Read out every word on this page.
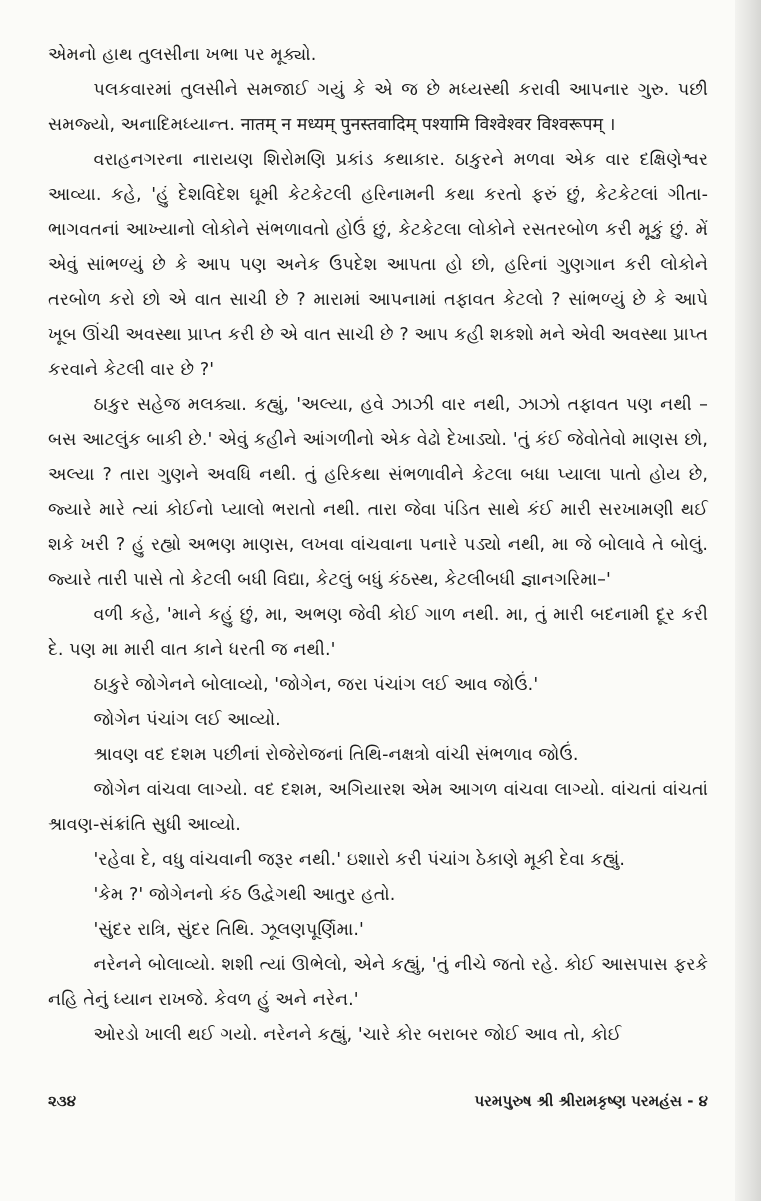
એમનો હાથ તુલસીના ખભા પર મૂક્યો.

પલકવારમાં તુલસીને સમજાઈ ગયું કે એ જ છે મધ્યસ્થી કરાવી આપનાર ગુરુ. પછી સમજ્યો, અનાદિમધ્યાન્ત. नातम् न मध्यम् पुनस्तवादिम् पश्यामि विश्वेश्वर विश्वरूपम् ।

વરાહનગરના નારાયણ શિરોમણિ પ્રકાંડ કથાકાર. ઠાકુરને મળવા એક વાર દક્ષિણેશ્વર આવ્યા. કહે, 'હું દેશવિદેશ ઘૂમી કેટકેટલી હરિનામની કથા કરતો ફરું છું, કેટકેટલાં ગીતા-ભાગવતનાં આખ્યાનો લોકોને સંભળાવતો હોઉં છું, કેટકેટલા લોકોને રસતરબોળ કરી મૂકું છું. મેં એવું સાંભળ્યું છે કે આપ પણ અનેક ઉપદેશ આપતા હો છો, હરિનાં ગુણગાન કરી લોકોને તરબોળ કરો છો એ વાત સાચી છે ? મારામાં આપનામાં તફાવત કેટલો ? સાંભળ્યું છે કે આપે ખૂબ ઊંચી અવસ્થા પ્રાપ્ત કરી છે એ વાત સાચી છે ? આપ કહી શકશો મને એવી અવસ્થા પ્રાપ્ત કરવાને કેટલી વાર છે ?'

ઠાકુર સહેજ મલક્યા. કહ્યું, 'અલ્યા, હવે ઝાઝી વાર નથી, ઝાઝો તફાવત પણ નથી – બસ આટલુંક બાકી છે.' એવું કહીને આંગળીનો એક વેઢો દેખાડ્યો. 'તું કંઈ જેવોતેવો માણસ છો, અલ્યા ? તારા ગુણને અવધિ નથી. તું હરિકથા સંભળાવીને કેટલા બધા પ્યાલા પાતો હોય છે, જ્યારે મારે ત્યાં કોઈનો પ્યાલો ભરાતો નથી. તારા જેવા પંડિત સાથે કંઈ મારી સરખામણી થઈ શકે ખરી ? હું રહ્યો અભણ માણસ, લખવા વાંચવાના પનારે પડ્યો નથી, મા જે બોલાવે તે બોલું. જ્યારે તારી પાસે તો કેટલી બધી વિદ્યા, કેટલું બધું કંઠસ્થ, કેટલીબધી જ્ઞાનગરિમા–'

વળી કહે, 'માને કહું છું, મા, અભણ જેવી કોઈ ગાળ નથી. મા, તું મારી બદનામી દૂર કરી દે. પણ મા મારી વાત કાને ધરતી જ નથી.'

ઠાકુરે જોગેનને બોલાવ્યો, 'જોગેન, જરા પંચાંગ લઈ આવ જોઉં.'

જોગેન પંચાંગ લઈ આવ્યો.

શ્રાવણ વદ દશમ પછીનાં રોજેરોજનાં તિથિ-નક્ષત્રો વાંચી સંભળાવ જોઉં.

જોગેન વાંચવા લાગ્યો. વદ દશમ, અગિયારશ એમ આગળ વાંચવા લાગ્યો. વાંચતાં વાંચતાં શ્રાવણ-સંક્રાંતિ સુધી આવ્યો.

'રહેવા દે, વધુ વાંચવાની જરૂર નથી.' ઇશારો કરી પંચાંગ ઠેકાણે મૂકી દેવા કહ્યું.

'કેમ ?' જોગેનનો કંઠ ઉદ્વેગથી આતુર હતો.

'સુંદર રાત્રિ, સુંદર તિથિ. ઝૂલણપૂર્ણિમા.'

નરેનને બોલાવ્યો. શશી ત્યાં ઊભેલો, એને કહ્યું, 'તું નીચે જતો રહે. કોઈ આસપાસ ફરકે નહિ તેનું ધ્યાન રાખજે. કેવળ હું અને નરેન.'

ઓરડો ખાલી થઈ ગયો. નરેનને કહ્યું, 'ચારે કોર બરાબર જોઈ આવ તો, કોઈ

૨૩૪	પરમપુરુષ શ્રી શ્રીરામકૃષ્ણ પરમહંસ - ૪
